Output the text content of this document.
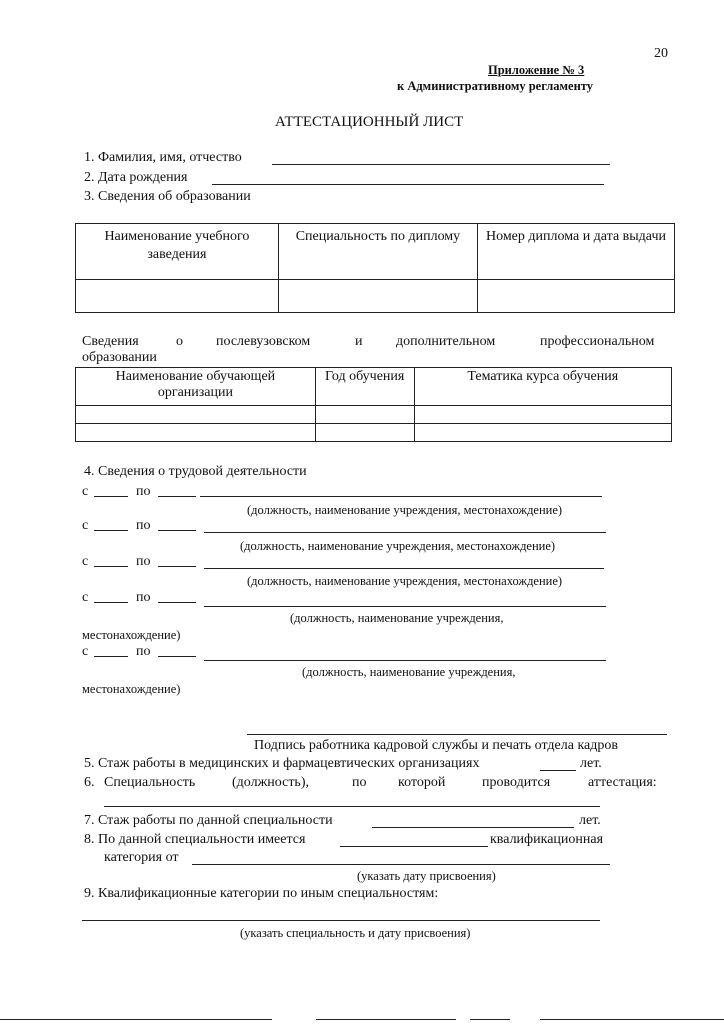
20
Приложение № 3
к Административному регламенту
АТТЕСТАЦИОННЫЙ ЛИСТ
1. Фамилия, имя, отчество
2. Дата рождения
3. Сведения об образовании
Наименование учебного заведения	Специальность по диплому	Номер диплома и дата выдачи

Сведения	о послевузовском	и дополнительном	профессиональном
образовании
Наименование обучающей организации	Год обучения	Тематика курса обучения

4. Сведения о трудовой деятельности
с	по
(должность, наименование учреждения, местонахождение)
с	по
(должность, наименование учреждения, местонахождение)
с	по
(должность, наименование учреждения, местонахождение)
с	по
(должность, наименование учреждения,
местонахождение)
с	по
(должность, наименование учреждения,
местонахождение)
Подпись работника кадровой службы и печать отдела кадров
5. Стаж работы в медицинских и фармацевтических организациях	лет.
6. Специальность	(должность),	по которой	проводится	аттестация:
7. Стаж работы по данной специальности	лет.
8. По данной специальности имеется	квалификационная
категория от
(указать дату присвоения)
9. Квалификационные категории по иным специальностям:
(указать специальность и дату присвоения)
